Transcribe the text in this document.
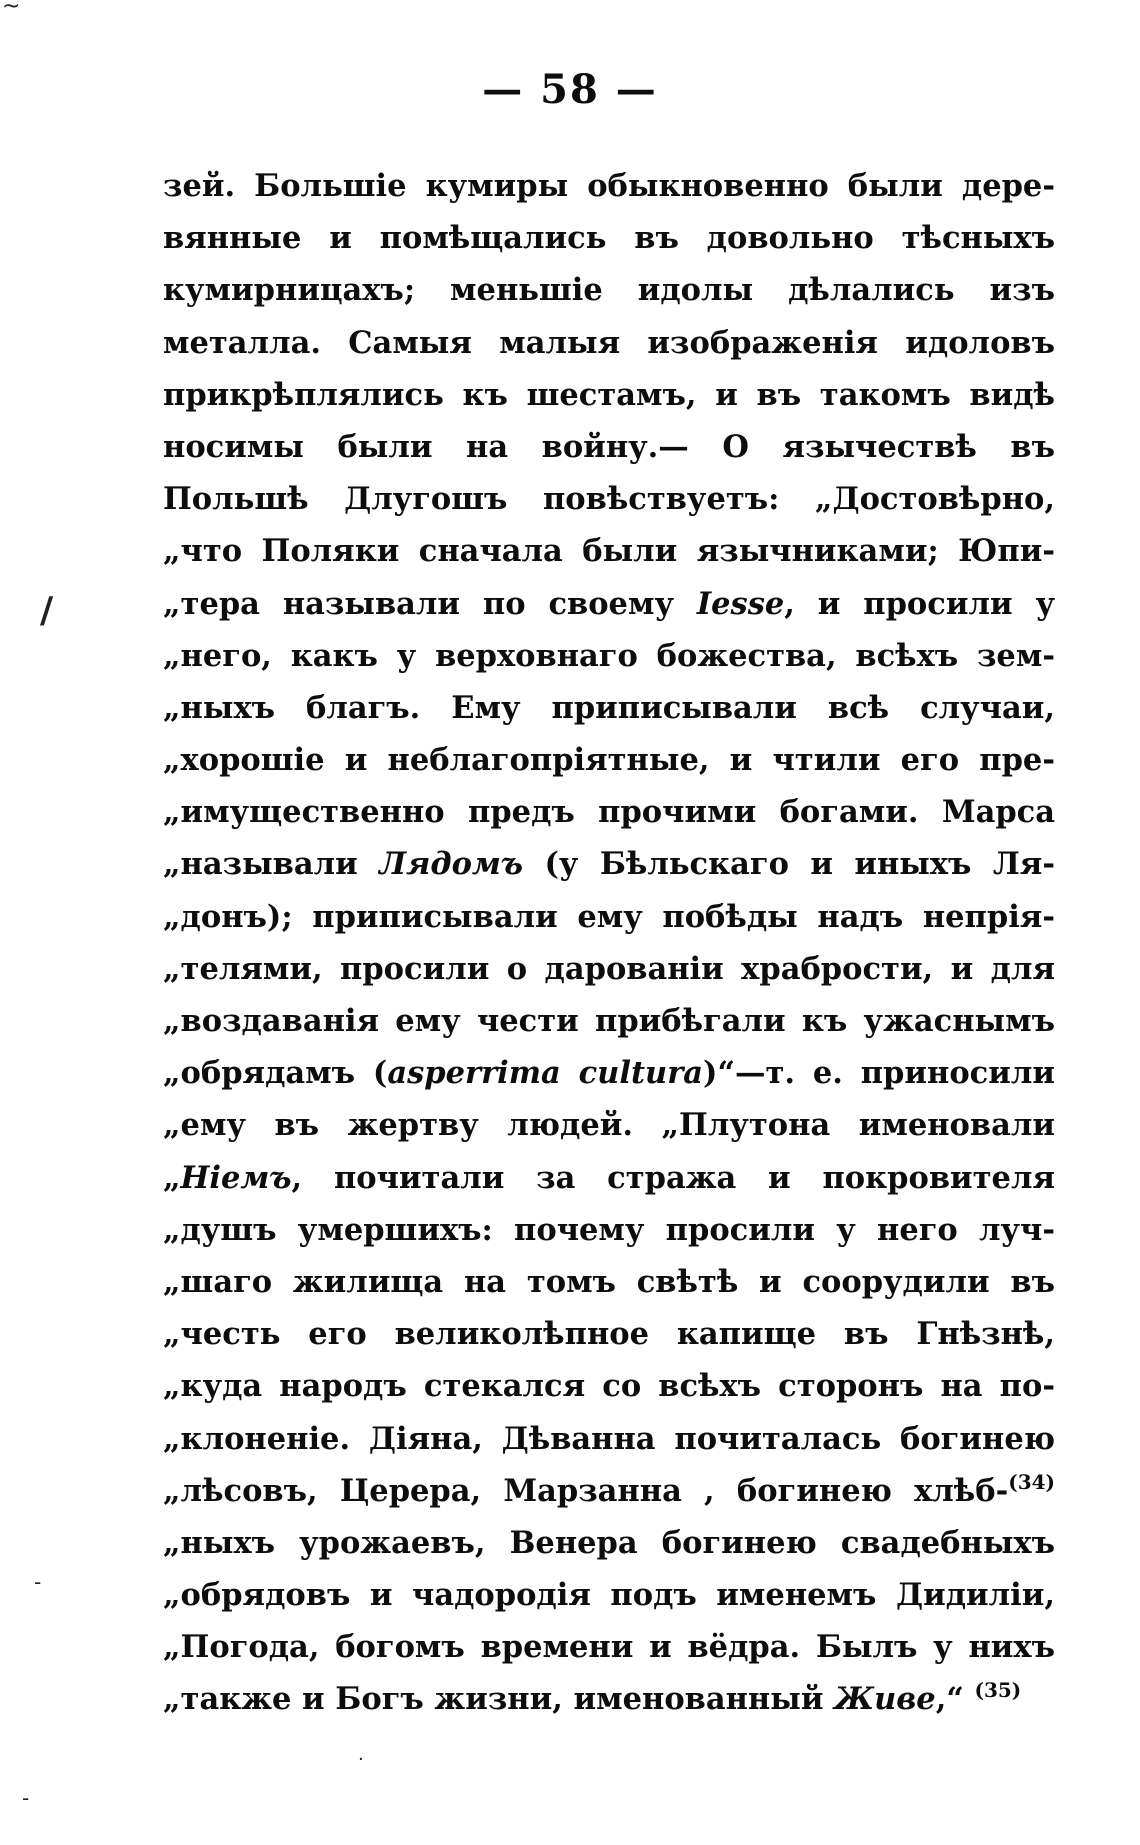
~
/
-
-
.
— 58 —
зей. Большіе кумиры обыкновенно были дере-
вянные и помѣщались въ довольно тѣсныхъ
кумирницахъ; меньшіе идолы дѣлались изъ
металла. Самыя малыя изображенія идоловъ
прикрѣплялись къ шестамъ, и въ такомъ видѣ
носимы были на войну.— О язычествѣ въ
Польшѣ Длугошъ повѣствуетъ: „Достовѣрно,
„что Поляки сначала были язычниками; Юпи-
„тера называли по своему Iesse, и просили у
„него, какъ у верховнаго божества, всѣхъ зем-
„ныхъ благъ. Ему приписывали всѣ случаи,
„хорошіе и неблагопріятные, и чтили его пре-
„имущественно предъ прочими богами. Марса
„называли Лядомъ (у Бѣльскаго и иныхъ Ля-
„донъ); приписывали ему побѣды надъ непрія-
„телями, просили о дарованіи храбрости, и для
„воздаванія ему чести прибѣгали къ ужаснымъ
„обрядамъ (asperrima cultura)“—т. е. приносили
„ему въ жертву людей. „Плутона именовали
„Ніемъ, почитали за стража и покровителя
„душъ умершихъ: почему просили у него луч-
„шаго жилища на томъ свѣтѣ и соорудили въ
„честь его великолѣпное капище въ Гнѣзнѣ,
„куда народъ стекался со всѣхъ сторонъ на по-
„клоненіе. Діяна, Дѣванна почиталась богинею
„лѣсовъ, Церера, Марзанна , богинею хлѣб-$^{(34)}$
„ныхъ урожаевъ, Венера богинею свадебныхъ
„обрядовъ и чадородія подъ именемъ Дидиліи,
„Погода, богомъ времени и вёдра. Былъ у нихъ
„также и Богъ жизни, именованный Живе,“ $^{(35)}$
